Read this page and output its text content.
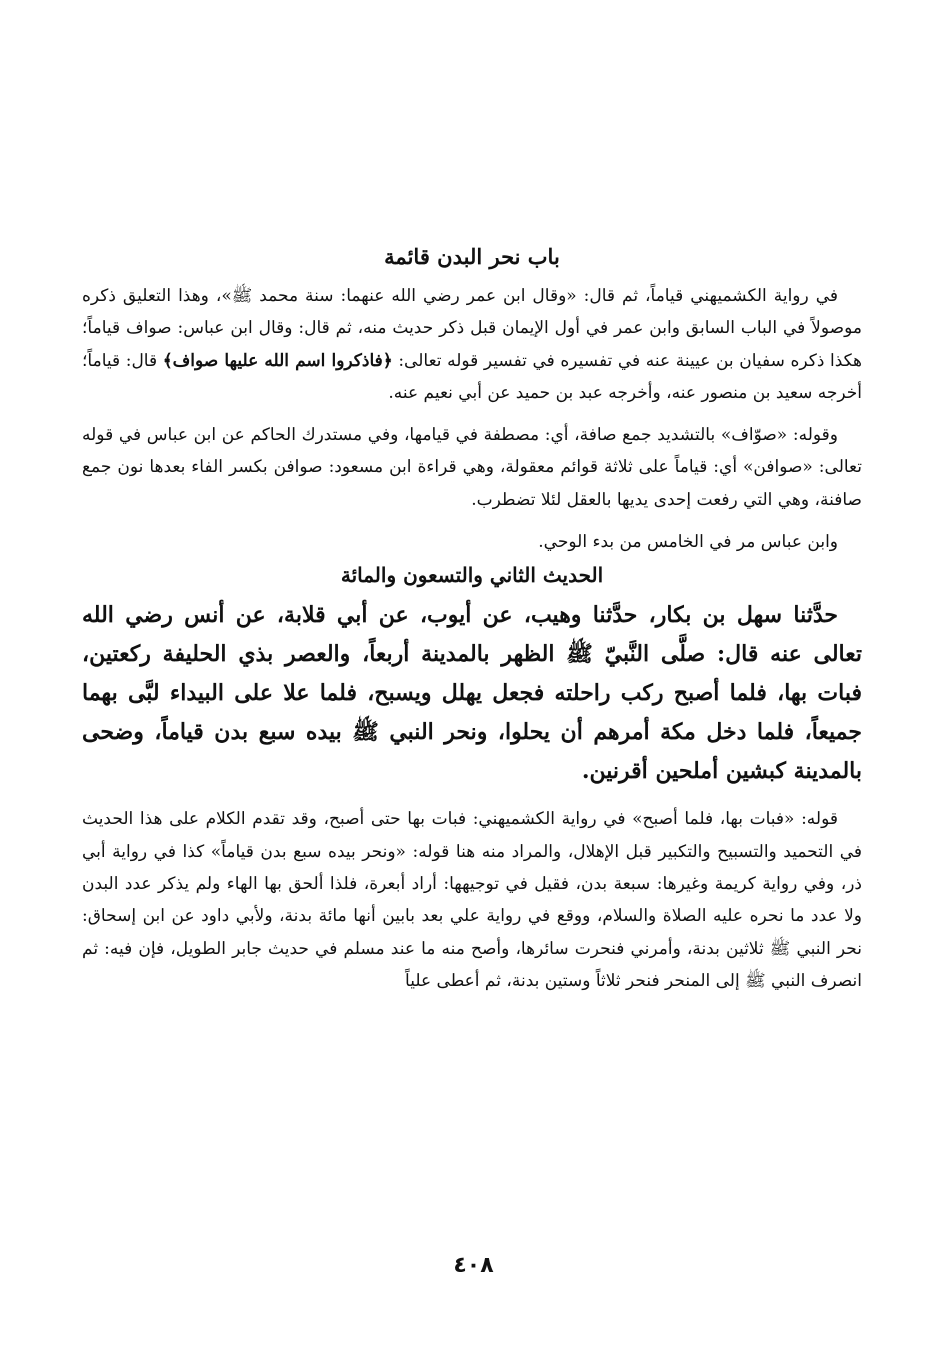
باب نحر البدن قائمة

في رواية الكشميهني قياماً، ثم قال: «وقال ابن عمر رضي الله عنهما: سنة محمد ﷺ»، وهذا التعليق ذكره موصولاً في الباب السابق وابن عمر في أول الإيمان قبل ذكر حديث منه، ثم قال: وقال ابن عباس: صواف قياماً؛ هكذا ذكره سفيان بن عيينة عنه في تفسيره في تفسير قوله تعالى: ﴿فاذكروا اسم الله عليها صواف﴾ قال: قياماً؛ أخرجه سعيد بن منصور عنه، وأخرجه عبد بن حميد عن أبي نعيم عنه.

وقوله: «صوّاف» بالتشديد جمع صافة، أي: مصطفة في قيامها، وفي مستدرك الحاكم عن ابن عباس في قوله تعالى: «صوافن» أي: قياماً على ثلاثة قوائم معقولة، وهي قراءة ابن مسعود: صوافن بكسر الفاء بعدها نون جمع صافنة، وهي التي رفعت إحدى يديها بالعقل لئلا تضطرب.

وابن عباس مر في الخامس من بدء الوحي.

الحديث الثاني والتسعون والمائة

حدَّثنا سهل بن بكار، حدَّثنا وهيب، عن أيوب، عن أبي قلابة، عن أنس رضي الله تعالى عنه قال: صلَّى النَّبيّ ﷺ الظهر بالمدينة أربعاً، والعصر بذي الحليفة ركعتين، فبات بها، فلما أصبح ركب راحلته فجعل يهلل ويسبح، فلما علا على البيداء لبَّى بهما جميعاً، فلما دخل مكة أمرهم أن يحلوا، ونحر النبي ﷺ بيده سبع بدن قياماً، وضحى بالمدينة كبشين أملحين أقرنين.

قوله: «فبات بها، فلما أصبح» في رواية الكشميهني: فبات بها حتى أصبح، وقد تقدم الكلام على هذا الحديث في التحميد والتسبيح والتكبير قبل الإهلال، والمراد منه هنا قوله: «ونحر بيده سبع بدن قياماً» كذا في رواية أبي ذر، وفي رواية كريمة وغيرها: سبعة بدن، فقيل في توجيهها: أراد أبعرة، فلذا ألحق بها الهاء ولم يذكر عدد البدن ولا عدد ما نحره عليه الصلاة والسلام، ووقع في رواية علي بعد بابين أنها مائة بدنة، ولأبي داود عن ابن إسحاق: نحر النبي ﷺ ثلاثين بدنة، وأمرني فنحرت سائرها، وأصح منه ما عند مسلم في حديث جابر الطويل، فإن فيه: ثم انصرف النبي ﷺ إلى المنحر فنحر ثلاثاً وستين بدنة، ثم أعطى علياً

٤٠٨
